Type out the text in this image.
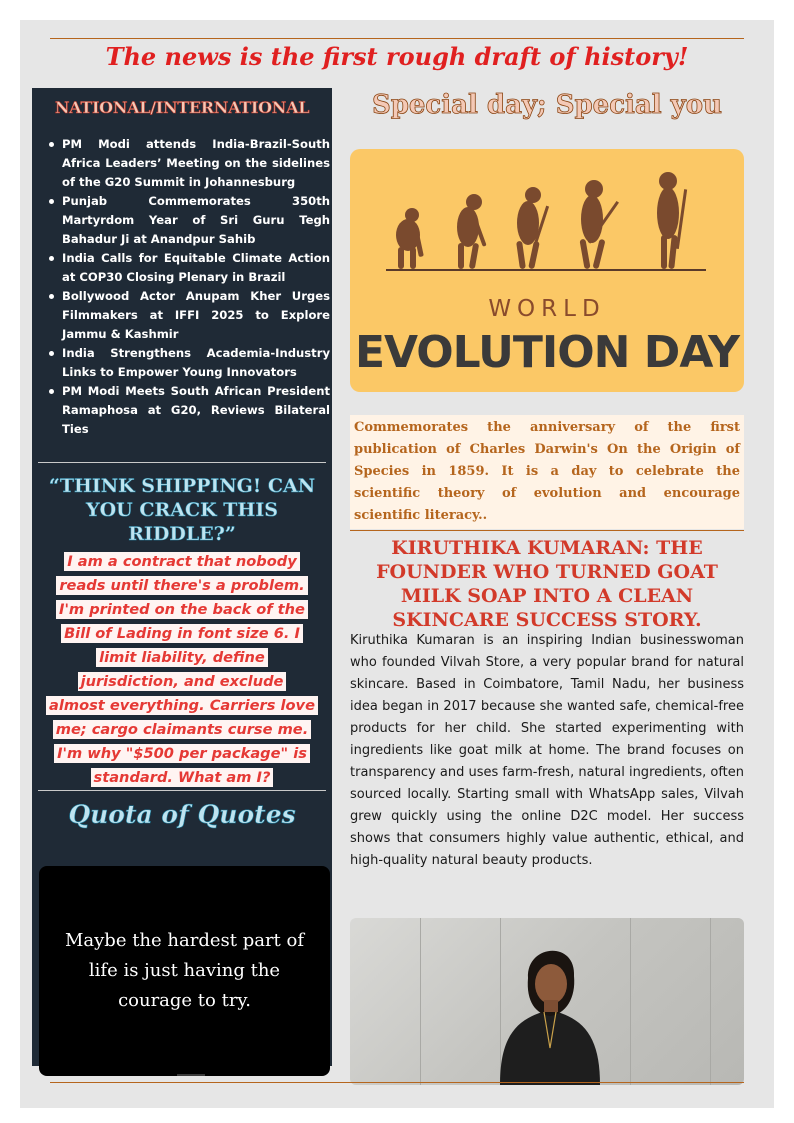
The news is the first rough draft of history!
NATIONAL/INTERNATIONAL
PM Modi attends India-Brazil-South Africa Leaders’ Meeting on the sidelines of the G20 Summit in Johannesburg
Punjab Commemorates 350th Martyrdom Year of Sri Guru Tegh Bahadur Ji at Anandpur Sahib
India Calls for Equitable Climate Action at COP30 Closing Plenary in Brazil
Bollywood Actor Anupam Kher Urges Filmmakers at IFFI 2025 to Explore Jammu & Kashmir
India Strengthens Academia-Industry Links to Empower Young Innovators
PM Modi Meets South African President Ramaphosa at G20, Reviews Bilateral Ties
“THINK SHIPPING! CAN YOU CRACK THIS RIDDLE?”
I am a contract that nobody
reads until there's a problem.
I'm printed on the back of the
Bill of Lading in font size 6. I
limit liability, define
jurisdiction, and exclude
almost everything. Carriers love
me; cargo claimants curse me.
I'm why "$500 per package" is
standard. What am I?
Quota of Quotes
Maybe the hardest part of life is just having the courage to try.
Special day; Special you
WORLD
EVOLUTION DAY
Commemorates the anniversary of the first publication of Charles Darwin's On the Origin of Species in 1859. It is a day to celebrate the scientific theory of evolution and encourage scientific literacy..
KIRUTHIKA KUMARAN: THE FOUNDER WHO TURNED GOAT MILK SOAP INTO A CLEAN SKINCARE SUCCESS STORY.
Kiruthika Kumaran is an inspiring Indian businesswoman who founded Vilvah Store, a very popular brand for natural skincare. Based in Coimbatore, Tamil Nadu, her business idea began in 2017 because she wanted safe, chemical-free products for her child. She started experimenting with ingredients like goat milk at home. The brand focuses on transparency and uses farm-fresh, natural ingredients, often sourced locally. Starting small with WhatsApp sales, Vilvah grew quickly using the online D2C model. Her success shows that consumers highly value authentic, ethical, and high-quality natural beauty products.
